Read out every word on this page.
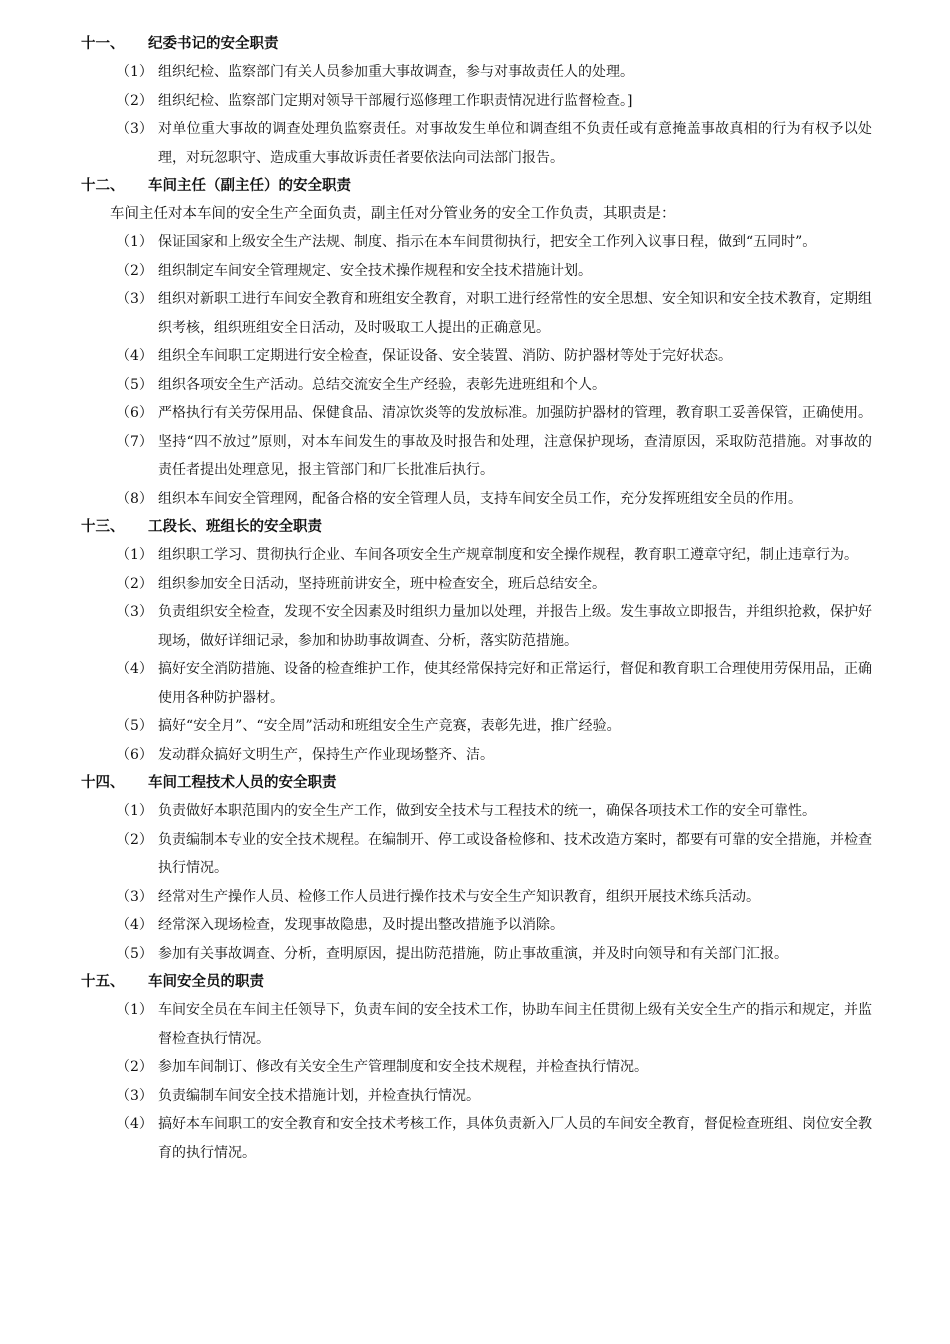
十一、 纪委书记的安全职责
（1） 组织纪检、监察部门有关人员参加重大事故调查，参与对事故责任人的处理。
（2） 组织纪检、监察部门定期对领导干部履行巡修理工作职责情况进行监督检查。]
（3） 对单位重大事故的调查处理负监察责任。对事故发生单位和调查组不负责任或有意掩盖事故真相的行为有权予以处理，对玩忽职守、造成重大事故诉责任者要依法向司法部门报告。
十二、 车间主任（副主任）的安全职责
车间主任对本车间的安全生产全面负责，副主任对分管业务的安全工作负责，其职责是：
（1） 保证国家和上级安全生产法规、制度、指示在本车间贯彻执行，把安全工作列入议事日程，做到“五同时”。
（2） 组织制定车间安全管理规定、安全技术操作规程和安全技术措施计划。
（3） 组织对新职工进行车间安全教育和班组安全教育，对职工进行经常性的安全思想、安全知识和安全技术教育，定期组织考核，组织班组安全日活动，及时吸取工人提出的正确意见。
（4） 组织全车间职工定期进行安全检查，保证设备、安全装置、消防、防护器材等处于完好状态。
（5） 组织各项安全生产活动。总结交流安全生产经验，表彰先进班组和个人。
（6） 严格执行有关劳保用品、保健食品、清凉饮炎等的发放标准。加强防护器材的管理，教育职工妥善保管，正确使用。
（7） 坚持“四不放过”原则，对本车间发生的事故及时报告和处理，注意保护现场，查清原因，采取防范措施。对事故的责任者提出处理意见，报主管部门和厂长批准后执行。
（8） 组织本车间安全管理网，配备合格的安全管理人员，支持车间安全员工作，充分发挥班组安全员的作用。
十三、 工段长、班组长的安全职责
（1） 组织职工学习、贯彻执行企业、车间各项安全生产规章制度和安全操作规程，教育职工遵章守纪，制止违章行为。
（2） 组织参加安全日活动，坚持班前讲安全，班中检查安全，班后总结安全。
（3） 负责组织安全检查，发现不安全因素及时组织力量加以处理，并报告上级。发生事故立即报告，并组织抢救，保护好现场，做好详细记录，参加和协助事故调查、分析，落实防范措施。
（4） 搞好安全消防措施、设备的检查维护工作，使其经常保持完好和正常运行，督促和教育职工合理使用劳保用品，正确使用各种防护器材。
（5） 搞好“安全月”、“安全周”活动和班组安全生产竞赛，表彰先进，推广经验。
（6） 发动群众搞好文明生产，保持生产作业现场整齐、洁。
十四、 车间工程技术人员的安全职责
（1） 负责做好本职范围内的安全生产工作，做到安全技术与工程技术的统一，确保各项技术工作的安全可靠性。
（2） 负责编制本专业的安全技术规程。在编制开、停工或设备检修和、技术改造方案时，都要有可靠的安全措施，并检查执行情况。
（3） 经常对生产操作人员、检修工作人员进行操作技术与安全生产知识教育，组织开展技术练兵活动。
（4） 经常深入现场检查，发现事故隐患，及时提出整改措施予以消除。
（5） 参加有关事故调查、分析，查明原因，提出防范措施，防止事故重演，并及时向领导和有关部门汇报。
十五、 车间安全员的职责
（1） 车间安全员在车间主任领导下，负责车间的安全技术工作，协助车间主任贯彻上级有关安全生产的指示和规定，并监督检查执行情况。
（2） 参加车间制订、修改有关安全生产管理制度和安全技术规程，并检查执行情况。
（3） 负责编制车间安全技术措施计划，并检查执行情况。
（4） 搞好本车间职工的安全教育和安全技术考核工作，具体负责新入厂人员的车间安全教育，督促检查班组、岗位安全教育的执行情况。
